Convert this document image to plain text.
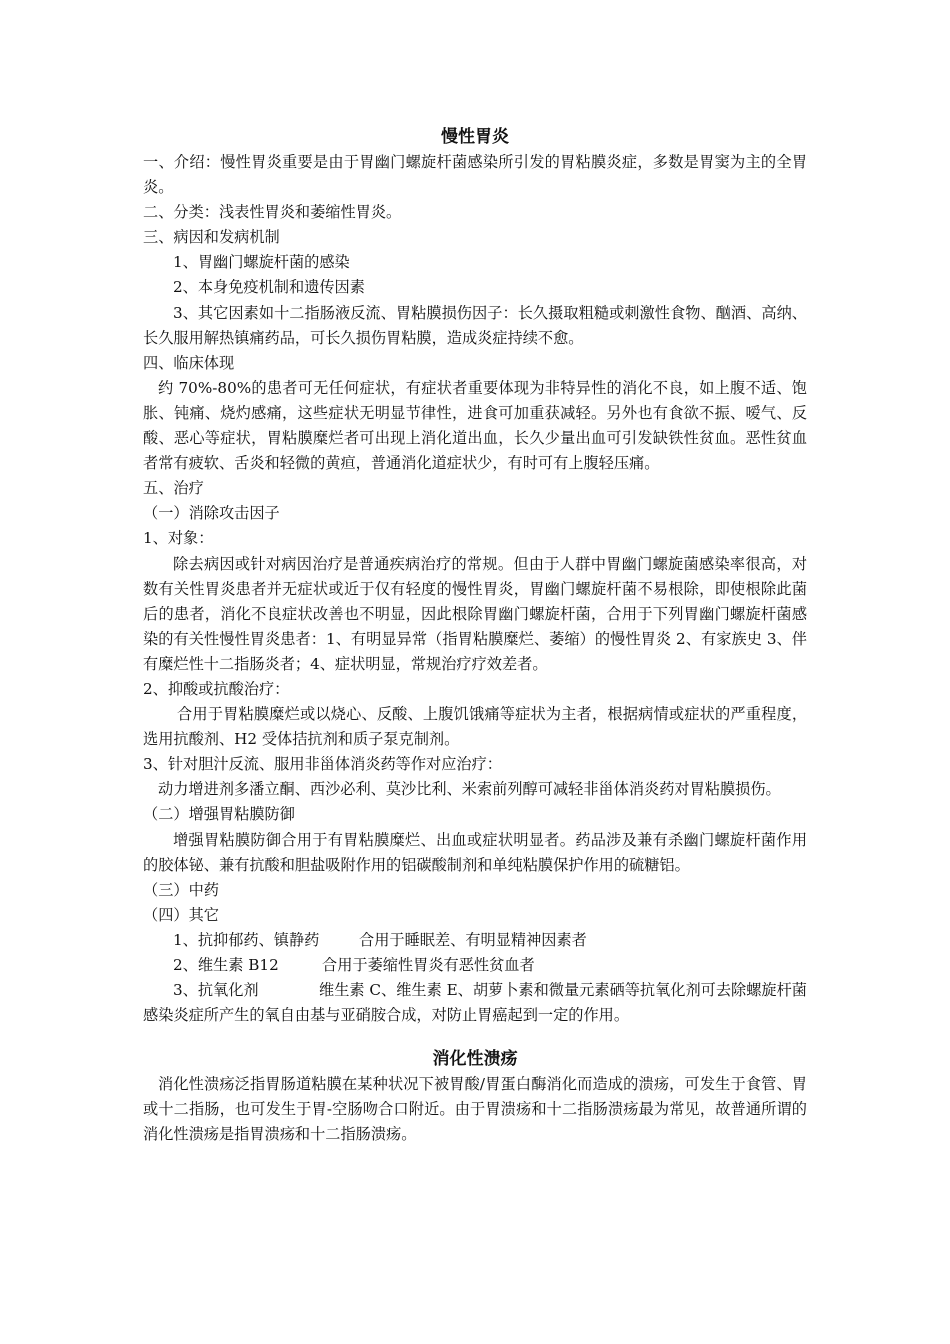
慢性胃炎

一、介绍：慢性胃炎重要是由于胃幽门螺旋杆菌感染所引发的胃粘膜炎症，多数是胃窦为主的全胃炎。

二、分类：浅表性胃炎和萎缩性胃炎。

三、病因和发病机制

1、胃幽门螺旋杆菌的感染

2、本身免疫机制和遗传因素

3、其它因素如十二指肠液反流、胃粘膜损伤因子：长久摄取粗糙或刺激性食物、酗酒、高纳、长久服用解热镇痛药品，可长久损伤胃粘膜，造成炎症持续不愈。

四、临床体现

约 70%-80%的患者可无任何症状，有症状者重要体现为非特异性的消化不良，如上腹不适、饱胀、钝痛、烧灼感痛，这些症状无明显节律性，进食可加重获减轻。另外也有食欲不振、嗳气、反酸、恶心等症状，胃粘膜糜烂者可出现上消化道出血，长久少量出血可引发缺铁性贫血。恶性贫血者常有疲软、舌炎和轻微的黄疸，普通消化道症状少，有时可有上腹轻压痛。

五、治疗

（一）消除攻击因子

1、对象：

除去病因或针对病因治疗是普通疾病治疗的常规。但由于人群中胃幽门螺旋菌感染率很高，对数有关性胃炎患者并无症状或近于仅有轻度的慢性胃炎，胃幽门螺旋杆菌不易根除，即使根除此菌后的患者，消化不良症状改善也不明显，因此根除胃幽门螺旋杆菌，合用于下列胃幽门螺旋杆菌感染的有关性慢性胃炎患者：1、有明显异常（指胃粘膜糜烂、萎缩）的慢性胃炎 2、有家族史 3、伴有糜烂性十二指肠炎者；4、症状明显，常规治疗疗效差者。

2、抑酸或抗酸治疗：

合用于胃粘膜糜烂或以烧心、反酸、上腹饥饿痛等症状为主者，根据病情或症状的严重程度，选用抗酸剂、H2 受体拮抗剂和质子泵克制剂。

3、针对胆汁反流、服用非甾体消炎药等作对应治疗：

动力增进剂多潘立酮、西沙必利、莫沙比利、米索前列醇可减轻非甾体消炎药对胃粘膜损伤。

（二）增强胃粘膜防御

增强胃粘膜防御合用于有胃粘膜糜烂、出血或症状明显者。药品涉及兼有杀幽门螺旋杆菌作用的胶体铋、兼有抗酸和胆盐吸附作用的铝碳酸制剂和单纯粘膜保护作用的硫糖铝。

（三）中药

（四）其它

1、抗抑郁药、镇静药	合用于睡眠差、有明显精神因素者

2、维生素 B12	合用于萎缩性胃炎有恶性贫血者

3、抗氧化剂	维生素 C、维生素 E、胡萝卜素和微量元素硒等抗氧化剂可去除螺旋杆菌感染炎症所产生的氧自由基与亚硝胺合成，对防止胃癌起到一定的作用。

消化性溃疡

消化性溃疡泛指胃肠道粘膜在某种状况下被胃酸/胃蛋白酶消化而造成的溃疡，可发生于食管、胃或十二指肠，也可发生于胃-空肠吻合口附近。由于胃溃疡和十二指肠溃疡最为常见，故普通所谓的消化性溃疡是指胃溃疡和十二指肠溃疡。
